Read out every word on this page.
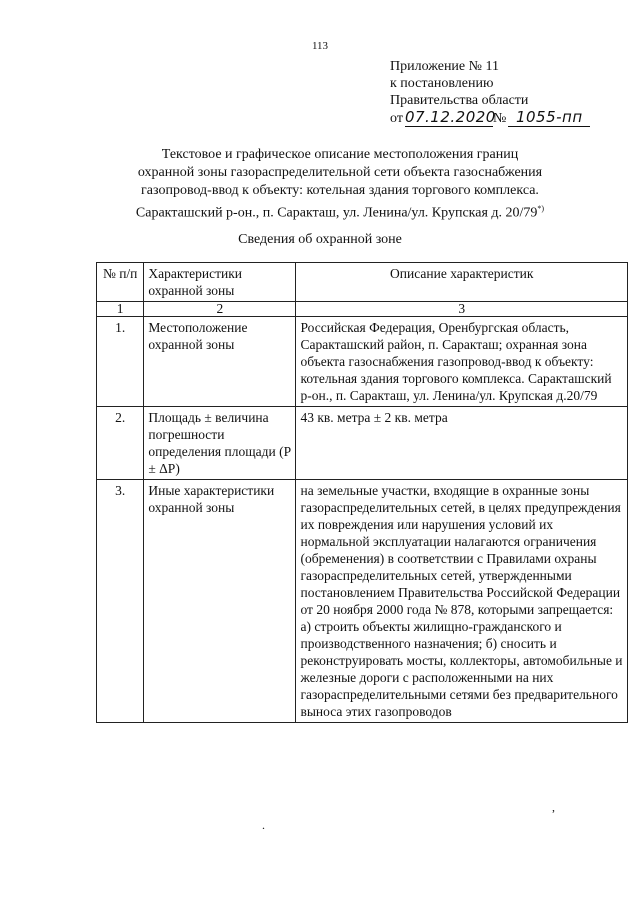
113
Приложение № 11
к постановлению
Правительства области
от 07.12.2020№ 1055-пп
Текстовое и графическое описание местоположения границ
охранной зоны газораспределительной сети объекта газоснабжения
газопровод-ввод к объекту: котельная здания торгового комплекса.
Саракташский р-он., п. Саракташ, ул. Ленина/ул. Крупская д. 20/79*)
Сведения об охранной зоне
№ п/п	Характеристики охранной зоны	Описание характеристик
1	2	3
1.	Местоположение охранной зоны	Российская Федерация, Оренбургская область, Саракташский район, п. Саракташ; охранная зона объекта газоснабжения газопровод-ввод к объекту: котельная здания торгового комплекса. Саракташский р-он., п. Саракташ, ул. Ленина/ул. Крупская д.20/79
2.	Площадь ± величина погрешности определения площади (Р ± ΔР)	43 кв. метра ± 2 кв. метра
3.	Иные характеристики охранной зоны	на земельные участки, входящие в охранные зоны газораспределительных сетей, в целях предупреждения их повреждения или нарушения условий их нормальной эксплуатации налагаются ограничения (обременения) в соответствии с Правилами охраны газораспределительных сетей, утвержденными постановлением Правительства Российской Федерации от 20 ноября 2000 года № 878, которыми запрещается: а) строить объекты жилищно-гражданского и производственного назначения; б) сносить и реконструировать мосты, коллекторы, автомобильные и железные дороги с расположенными на них газораспределительными сетями без предварительного выноса этих газопроводов
.
,
